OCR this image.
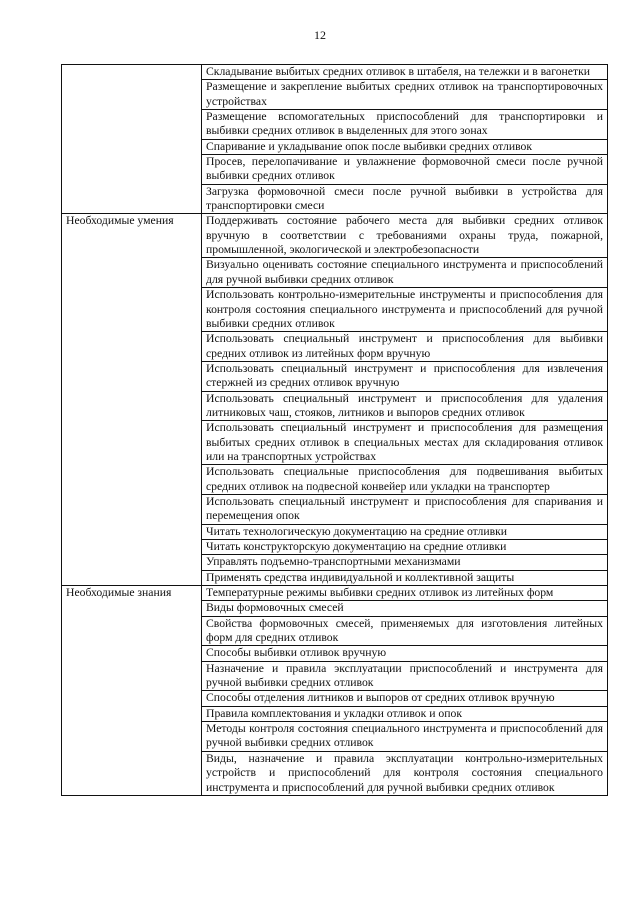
12
	Складывание выбитых средних отливок в штабеля, на тележки и в вагонетки
	Размещение и закрепление выбитых средних отливок на транспортировочных устройствах
	Размещение вспомогательных приспособлений для транспортировки и выбивки средних отливок в выделенных для этого зонах
	Спаривание и укладывание опок после выбивки средних отливок
	Просев, перелопачивание и увлажнение формовочной смеси после ручной выбивки средних отливок
	Загрузка формовочной смеси после ручной выбивки в устройства для транспортировки смеси
Необходимые умения	Поддерживать состояние рабочего места для выбивки средних отливок вручную в соответствии с требованиями охраны труда, пожарной, промышленной, экологической и электробезопасности
	Визуально оценивать состояние специального инструмента и приспособлений для ручной выбивки средних отливок
	Использовать контрольно-измерительные инструменты и приспособления для контроля состояния специального инструмента и приспособлений для ручной выбивки средних отливок
	Использовать специальный инструмент и приспособления для выбивки средних отливок из литейных форм вручную
	Использовать специальный инструмент и приспособления для извлечения стержней из средних отливок вручную
	Использовать специальный инструмент и приспособления для удаления литниковых чаш, стояков, литников и выпоров средних отливок
	Использовать специальный инструмент и приспособления для размещения выбитых средних отливок в специальных местах для складирования отливок или на транспортных устройствах
	Использовать специальные приспособления для подвешивания выбитых средних отливок на подвесной конвейер или укладки на транспортер
	Использовать специальный инструмент и приспособления для спаривания и перемещения опок
	Читать технологическую документацию на средние отливки
	Читать конструкторскую документацию на средние отливки
	Управлять подъемно-транспортными механизмами
	Применять средства индивидуальной и коллективной защиты
Необходимые знания	Температурные режимы выбивки средних отливок из литейных форм
	Виды формовочных смесей
	Свойства формовочных смесей, применяемых для изготовления литейных форм для средних отливок
	Способы выбивки отливок вручную
	Назначение и правила эксплуатации приспособлений и инструмента для ручной выбивки средних отливок
	Способы отделения литников и выпоров от средних отливок вручную
	Правила комплектования и укладки отливок и опок
	Методы контроля состояния специального инструмента и приспособлений для ручной выбивки средних отливок
	Виды, назначение и правила эксплуатации контрольно-измерительных устройств и приспособлений для контроля состояния специального инструмента и приспособлений для ручной выбивки средних отливок
